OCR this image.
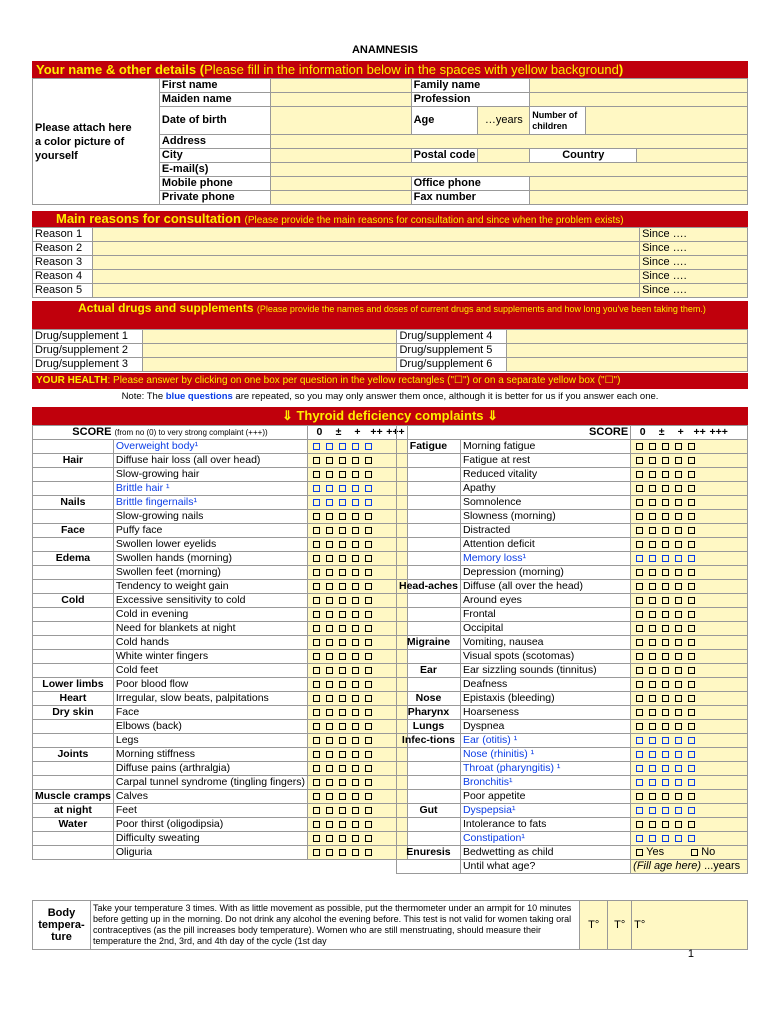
ANAMNESIS
Your name & other details (Please fill in the information below in the spaces with yellow background)
Please attach here
a color picture of
yourself	First name		Family name				
	Maiden name		Profession				
	Date of birth		Age	…years	Number of children		
	Address						
	City		Postal code		Country		
	E-mail(s)						
	Mobile phone		Office phone				
	Private phone		Fax number				
Main reasons for consultation (Please provide the main reasons for consultation and since when the problem exists)
Reason 1		Since ….
Reason 2		Since ….
Reason 3		Since ….
Reason 4		Since ….
Reason 5		Since ….
Actual drugs and supplements (Please provide the names and doses of current drugs and supplements and how long you've been taking them.)
Drug/supplement 1		Drug/supplement 4	
Drug/supplement 2		Drug/supplement 5	
Drug/supplement 3		Drug/supplement 6	
YOUR HEALTH: Please answer by clicking on one box per question in the yellow rectangles ("☐") or on a separate yellow box ("☐")
Note: The blue questions are repeated, so you may only answer them once, although it is better for us if you answer each one.
⇓ Thyroid deficiency complaints ⇓
SCORE (from no (0) to very strong complaint (+++))		0 ± + ++ +++
	Overweight body¹	
Hair	Diffuse hair loss (all over head)	
	Slow-growing hair	
	Brittle hair ¹	
Nails	Brittle fingernails¹	
	Slow-growing nails	
Face	Puffy face	
	Swollen lower eyelids	
Edema	Swollen hands (morning)	
	Swollen feet (morning)	
	Tendency to weight gain	
Cold	Excessive sensitivity to cold	
	Cold in evening	
	Need for blankets at night	
	Cold hands	
	White winter fingers	
	Cold feet	
Lower limbs	Poor blood flow	
Heart	Irregular, slow beats, palpitations	
Dry skin	Face	
	Elbows (back)	
	Legs	
Joints	Morning stiffness	
	Diffuse pains (arthralgia)	
	Carpal tunnel syndrome (tingling fingers)	
Muscle cramps	Calves	
at night	Feet	
Water	Poor thirst (oligodipsia)	
	Difficulty sweating	
	Oliguria	
SCORE		0 ± + ++ +++
Fatigue	Morning fatigue	
	Fatigue at rest	
	Reduced vitality	
	Apathy	
	Somnolence	
	Slowness (morning)	
	Distracted	
	Attention deficit	
	Memory loss¹	
	Depression (morning)	
Head-aches	Diffuse (all over the head)	
	Around eyes	
	Frontal	
	Occipital	
Migraine	Vomiting, nausea	
	Visual spots (scotomas)	
Ear	Ear sizzling sounds (tinnitus)	
	Deafness	
Nose	Epistaxis (bleeding)	
Pharynx	Hoarseness	
Lungs	Dyspnea	
Infec-tions	Ear (otitis) ¹	
	Nose (rhinitis) ¹	
	Throat (pharyngitis) ¹	
	Bronchitis¹	
	Poor appetite	
Gut	Dyspepsia¹	
	Intolerance to fats	
	Constipation¹	
Enuresis	Bedwetting as child	Yes No
	Until what age?	(Fill age here) ...years
Body tempera-ture	Take your temperature 3 times. With as little movement as possible, put the thermometer under an armpit for 10 minutes before getting up in the morning. Do not drink any alcohol the evening before. This test is not valid for women taking oral contraceptives (as the pill increases body temperature). Women who are still menstruating, should measure their temperature the 2nd, 3rd, and 4th day of the cycle (1st day	T°	T°	T°
1
